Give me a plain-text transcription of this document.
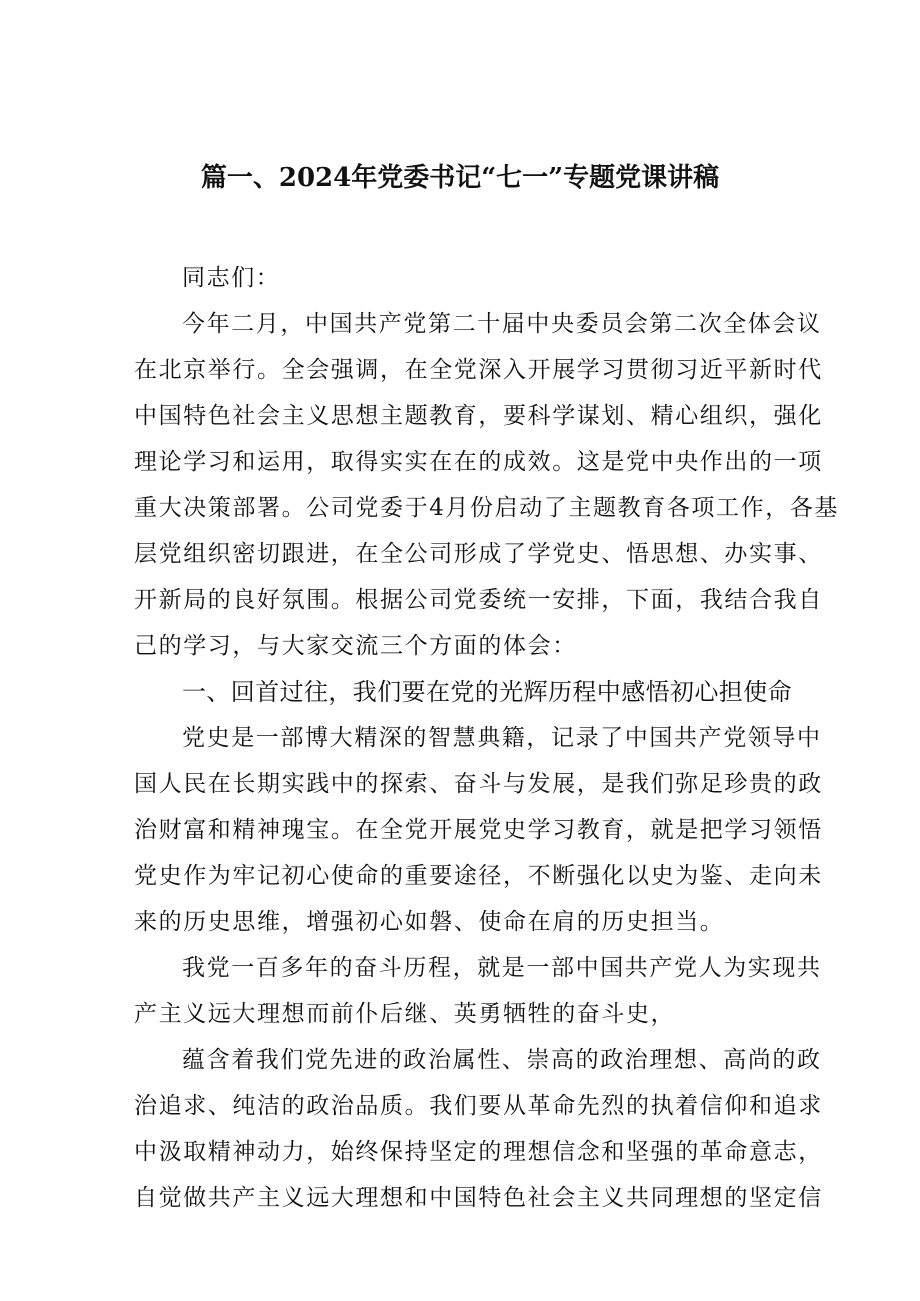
篇一、2024年党委书记“七一”专题党课讲稿

同志们：

今年二月，中国共产党第二十届中央委员会第二次全体会议
在北京举行。全会强调，在全党深入开展学习贯彻习近平新时代
中国特色社会主义思想主题教育，要科学谋划、精心组织，强化
理论学习和运用，取得实实在在的成效。这是党中央作出的一项
重大决策部署。公司党委于4月份启动了主题教育各项工作，各基
层党组织密切跟进，在全公司形成了学党史、悟思想、办实事、
开新局的良好氛围。根据公司党委统一安排，下面，我结合我自
己的学习，与大家交流三个方面的体会：

一、回首过往，我们要在党的光辉历程中感悟初心担使命

党史是一部博大精深的智慧典籍，记录了中国共产党领导中
国人民在长期实践中的探索、奋斗与发展，是我们弥足珍贵的政
治财富和精神瑰宝。在全党开展党史学习教育，就是把学习领悟
党史作为牢记初心使命的重要途径，不断强化以史为鉴、走向未
来的历史思维，增强初心如磐、使命在肩的历史担当。
我党一百多年的奋斗历程，就是一部中国共产党人为实现共
产主义远大理想而前仆后继、英勇牺牲的奋斗史，
蕴含着我们党先进的政治属性、崇高的政治理想、高尚的政
治追求、纯洁的政治品质。我们要从革命先烈的执着信仰和追求
中汲取精神动力，始终保持坚定的理想信念和坚强的革命意志，
自觉做共产主义远大理想和中国特色社会主义共同理想的坚定信
